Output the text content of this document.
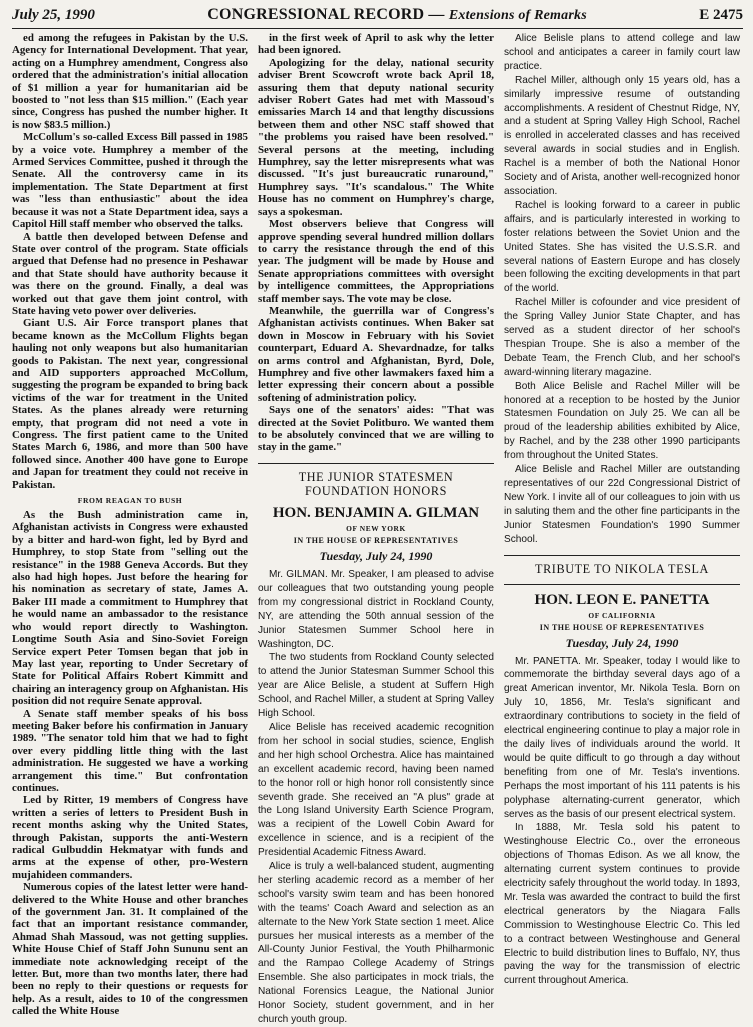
July 25, 1990	CONGRESSIONAL RECORD — Extensions of Remarks	E 2475

ed among the refugees in Pakistan by the U.S. Agency for International Development. That year, acting on a Humphrey amendment, Congress also ordered that the administration's initial allocation of $1 million a year for humanitarian aid be boosted to "not less than $15 million." (Each year since, Congress has pushed the number higher. It is now $83.5 million.)

McCollum's so-called Excess Bill passed in 1985 by a voice vote. Humphrey a member of the Armed Services Committee, pushed it through the Senate. All the controversy came in its implementation. The State Department at first was "less than enthusiastic" about the idea because it was not a State Department idea, says a Capitol Hill staff member who observed the talks.

A battle then developed between Defense and State over control of the program. State officials argued that Defense had no presence in Peshawar and that State should have authority because it was there on the ground. Finally, a deal was worked out that gave them joint control, with State having veto power over deliveries.

Giant U.S. Air Force transport planes that became known as the McCollum Flights began hauling not only weapons but also humanitarian goods to Pakistan. The next year, congressional and AID supporters approached McCollum, suggesting the program be expanded to bring back victims of the war for treatment in the United States. As the planes already were returning empty, that program did not need a vote in Congress. The first patient came to the United States March 6, 1986, and more than 500 have followed since. Another 400 have gone to Europe and Japan for treatment they could not receive in Pakistan.

FROM REAGAN TO BUSH

As the Bush administration came in, Afghanistan activists in Congress were exhausted by a bitter and hard-won fight, led by Byrd and Humphrey, to stop State from "selling out the resistance" in the 1988 Geneva Accords. But they also had high hopes. Just before the hearing for his nomination as secretary of state, James A. Baker III made a commitment to Humphrey that he would name an ambassador to the resistance who would report directly to Washington. Longtime South Asia and Sino-Soviet Foreign Service expert Peter Tomsen began that job in May last year, reporting to Under Secretary of State for Political Affairs Robert Kimmitt and chairing an interagency group on Afghanistan. His position did not require Senate approval.

A Senate staff member speaks of his boss meeting Baker before his confirmation in January 1989. "The senator told him that we had to fight over every piddling little thing with the last administration. He suggested we have a working arrangement this time." But confrontation continues.

Led by Ritter, 19 members of Congress have written a series of letters to President Bush in recent months asking why the United States, through Pakistan, supports the anti-Western radical Gulbuddin Hekmatyar with funds and arms at the expense of other, pro-Western mujahideen commanders.

Numerous copies of the latest letter were hand-delivered to the White House and other branches of the government Jan. 31. It complained of the fact that an important resistance commander, Ahmad Shah Massoud, was not getting supplies. White House Chief of Staff John Sununu sent an immediate note acknowledging receipt of the letter. But, more than two months later, there had been no reply to their questions or requests for help. As a result, aides to 10 of the congressmen called the White House

in the first week of April to ask why the letter had been ignored.

Apologizing for the delay, national security adviser Brent Scowcroft wrote back April 18, assuring them that deputy national security adviser Robert Gates had met with Massoud's emissaries March 14 and that lengthy discussions between them and other NSC staff showed that "the problems you raised have been resolved." Several persons at the meeting, including Humphrey, say the letter misrepresents what was discussed. "It's just bureaucratic runaround," Humphrey says. "It's scandalous." The White House has no comment on Humphrey's charge, says a spokesman.

Most observers believe that Congress will approve spending several hundred million dollars to carry the resistance through the end of this year. The judgment will be made by House and Senate appropriations committees with oversight by intelligence committees, the Appropriations staff member says. The vote may be close.

Meanwhile, the guerrilla war of Congress's Afghanistan activists continues. When Baker sat down in Moscow in February with his Soviet counterpart, Eduard A. Shevardnadze, for talks on arms control and Afghanistan, Byrd, Dole, Humphrey and five other lawmakers faxed him a letter expressing their concern about a possible softening of administration policy.

Says one of the senators' aides: "That was directed at the Soviet Politburo. We wanted them to be absolutely convinced that we are willing to stay in the game."

THE JUNIOR STATESMEN
FOUNDATION HONORS
HON. BENJAMIN A. GILMAN
OF NEW YORK
IN THE HOUSE OF REPRESENTATIVES
Tuesday, July 24, 1990

Mr. GILMAN. Mr. Speaker, I am pleased to advise our colleagues that two outstanding young people from my congressional district in Rockland County, NY, are attending the 50th annual session of the Junior Statesmen Summer School here in Washington, DC.

The two students from Rockland County selected to attend the Junior Statesman Summer School this year are Alice Belisle, a student at Suffern High School, and Rachel Miller, a student at Spring Valley High School.

Alice Belisle has received academic recognition from her school in social studies, science, English and her high school Orchestra. Alice has maintained an excellent academic record, having been named to the honor roll or high honor roll consistently since seventh grade. She received an "A plus" grade at the Long Island University Earth Science Program, was a recipient of the Lowell Cobin Award for excellence in science, and is a recipient of the Presidential Academic Fitness Award.

Alice is truly a well-balanced student, augmenting her sterling academic record as a member of her school's varsity swim team and has been honored with the teams' Coach Award and selection as an alternate to the New York State section 1 meet. Alice pursues her musical interests as a member of the All-County Junior Festival, the Youth Philharmonic and the Rampao College Academy of Strings Ensemble. She also participates in mock trials, the National Forensics League, the National Junior Honor Society, student government, and in her church youth group.

Alice Belisle plans to attend college and law school and anticipates a career in family court law practice.

Rachel Miller, although only 15 years old, has a similarly impressive resume of outstanding accomplishments. A resident of Chestnut Ridge, NY, and a student at Spring Valley High School, Rachel is enrolled in accelerated classes and has received several awards in social studies and in English. Rachel is a member of both the National Honor Society and of Arista, another well-recognized honor association.

Rachel is looking forward to a career in public affairs, and is particularly interested in working to foster relations between the Soviet Union and the United States. She has visited the U.S.S.R. and several nations of Eastern Europe and has closely been following the exciting developments in that part of the world.

Rachel Miller is cofounder and vice president of the Spring Valley Junior State Chapter, and has served as a student director of her school's Thespian Troupe. She is also a member of the Debate Team, the French Club, and her school's award-winning literary magazine.

Both Alice Belisle and Rachel Miller will be honored at a reception to be hosted by the Junior Statesmen Foundation on July 25. We can all be proud of the leadership abilities exhibited by Alice, by Rachel, and by the 238 other 1990 participants from throughout the United States.

Alice Belisle and Rachel Miller are outstanding representatives of our 22d Congressional District of New York. I invite all of our colleagues to join with us in saluting them and the other fine participants in the Junior Statesmen Foundation's 1990 Summer School.

TRIBUTE TO NIKOLA TESLA
HON. LEON E. PANETTA
OF CALIFORNIA
IN THE HOUSE OF REPRESENTATIVES
Tuesday, July 24, 1990

Mr. PANETTA. Mr. Speaker, today I would like to commemorate the birthday several days ago of a great American inventor, Mr. Nikola Tesla. Born on July 10, 1856, Mr. Tesla's significant and extraordinary contributions to society in the field of electrical engineering continue to play a major role in the daily lives of individuals around the world. It would be quite difficult to go through a day without benefiting from one of Mr. Tesla's inventions. Perhaps the most important of his 111 patents is his polyphase alternating-current generator, which serves as the basis of our present electrical system.

In 1888, Mr. Tesla sold his patent to Westinghouse Electric Co., over the erroneous objections of Thomas Edison. As we all know, the alternating current system continues to provide electricity safely throughout the world today. In 1893, Mr. Tesla was awarded the contract to build the first electrical generators by the Niagara Falls Commission to Westinghouse Electric Co. This led to a contract between Westinghouse and General Electric to build distribution lines to Buffalo, NY, thus paving the way for the transmission of electric current throughout America.
